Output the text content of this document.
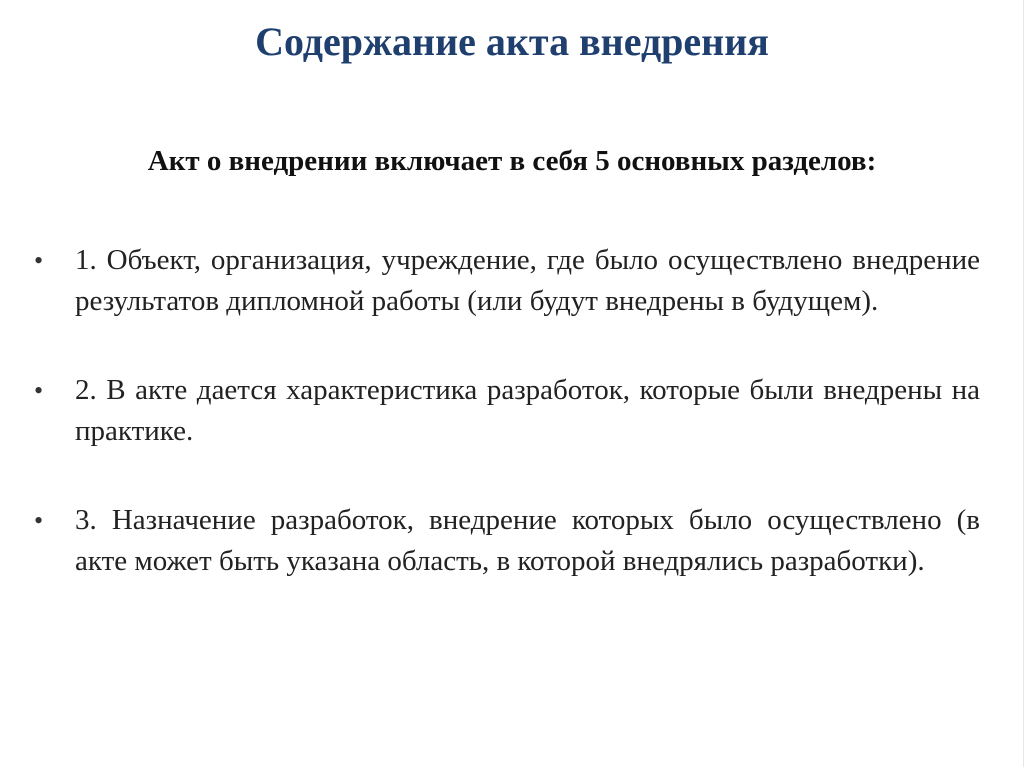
Содержание акта внедрения

Акт о внедрении включает в себя 5 основных разделов:

•	1. Объект, организация, учреждение, где было осуществлено внедрение результатов дипломной работы (или будут внедрены в будущем).
•	2. В акте дается характеристика разработок, которые были внедрены на практике.
•	3. Назначение разработок, внедрение которых было осуществлено (в акте может быть указана область, в которой внедрялись разработки).
